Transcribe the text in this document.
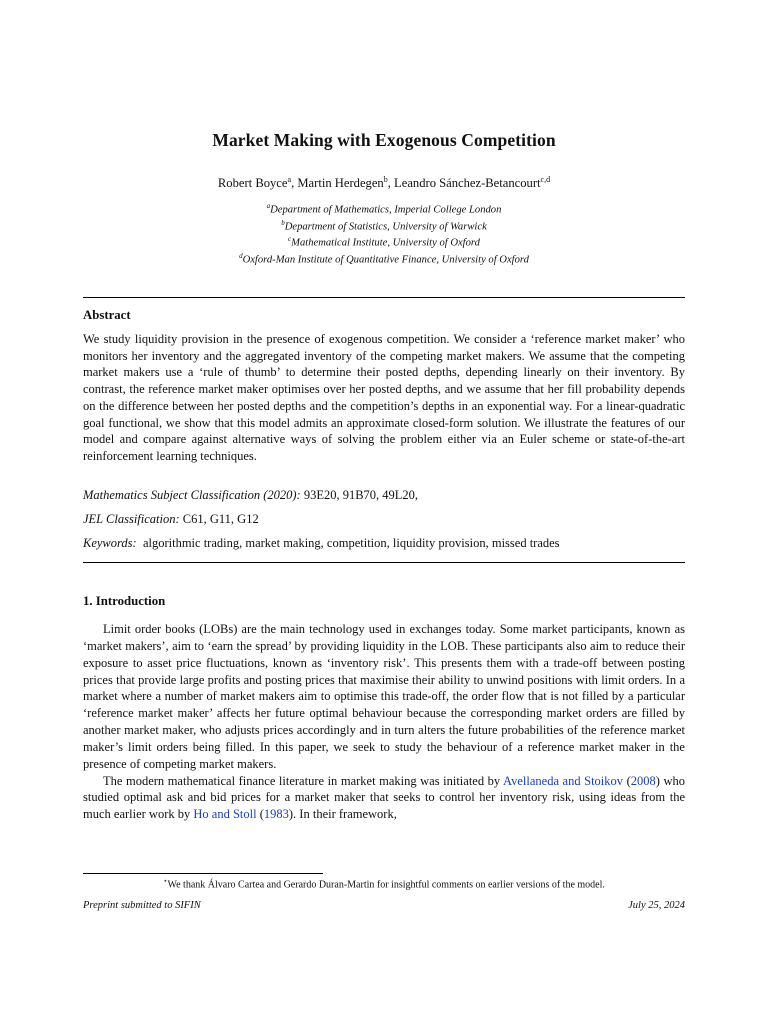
Market Making with Exogenous Competition
Robert Boyce$^a$, Martin Herdegen$^b$, Leandro Sánchez-Betancourt$^{c,d}$
$^a$Department of Mathematics, Imperial College London
$^b$Department of Statistics, University of Warwick
$^c$Mathematical Institute, University of Oxford
$^d$Oxford-Man Institute of Quantitative Finance, University of Oxford
Abstract
We study liquidity provision in the presence of exogenous competition. We consider a ‘reference market maker’ who monitors her inventory and the aggregated inventory of the competing market makers. We assume that the competing market makers use a ‘rule of thumb’ to determine their posted depths, depending linearly on their inventory. By contrast, the reference market maker optimises over her posted depths, and we assume that her fill probability depends on the difference between her posted depths and the competition’s depths in an exponential way. For a linear-quadratic goal functional, we show that this model admits an approximate closed-form solution. We illustrate the features of our model and compare against alternative ways of solving the problem either via an Euler scheme or state-of-the-art reinforcement learning techniques.
Mathematics Subject Classification (2020): 93E20, 91B70, 49L20,
JEL Classification: C61, G11, G12
Keywords: algorithmic trading, market making, competition, liquidity provision, missed trades
1. Introduction

Limit order books (LOBs) are the main technology used in exchanges today. Some market participants, known as ‘market makers’, aim to ‘earn the spread’ by providing liquidity in the LOB. These participants also aim to reduce their exposure to asset price fluctuations, known as ‘inventory risk’. This presents them with a trade-off between posting prices that provide large profits and posting prices that maximise their ability to unwind positions with limit orders. In a market where a number of market makers aim to optimise this trade-off, the order flow that is not filled by a particular ‘reference market maker’ affects her future optimal behaviour because the corresponding market orders are filled by another market maker, who adjusts prices accordingly and in turn alters the future probabilities of the reference market maker’s limit orders being filled. In this paper, we seek to study the behaviour of a reference market maker in the presence of competing market makers.

The modern mathematical finance literature in market making was initiated by Avellaneda and Stoikov (2008) who studied optimal ask and bid prices for a market maker that seeks to control her inventory risk, using ideas from the much earlier work by Ho and Stoll (1983). In their framework,

⋆We thank Álvaro Cartea and Gerardo Duran-Martin for insightful comments on earlier versions of the model.
Preprint submitted to SIFIN	July 25, 2024
